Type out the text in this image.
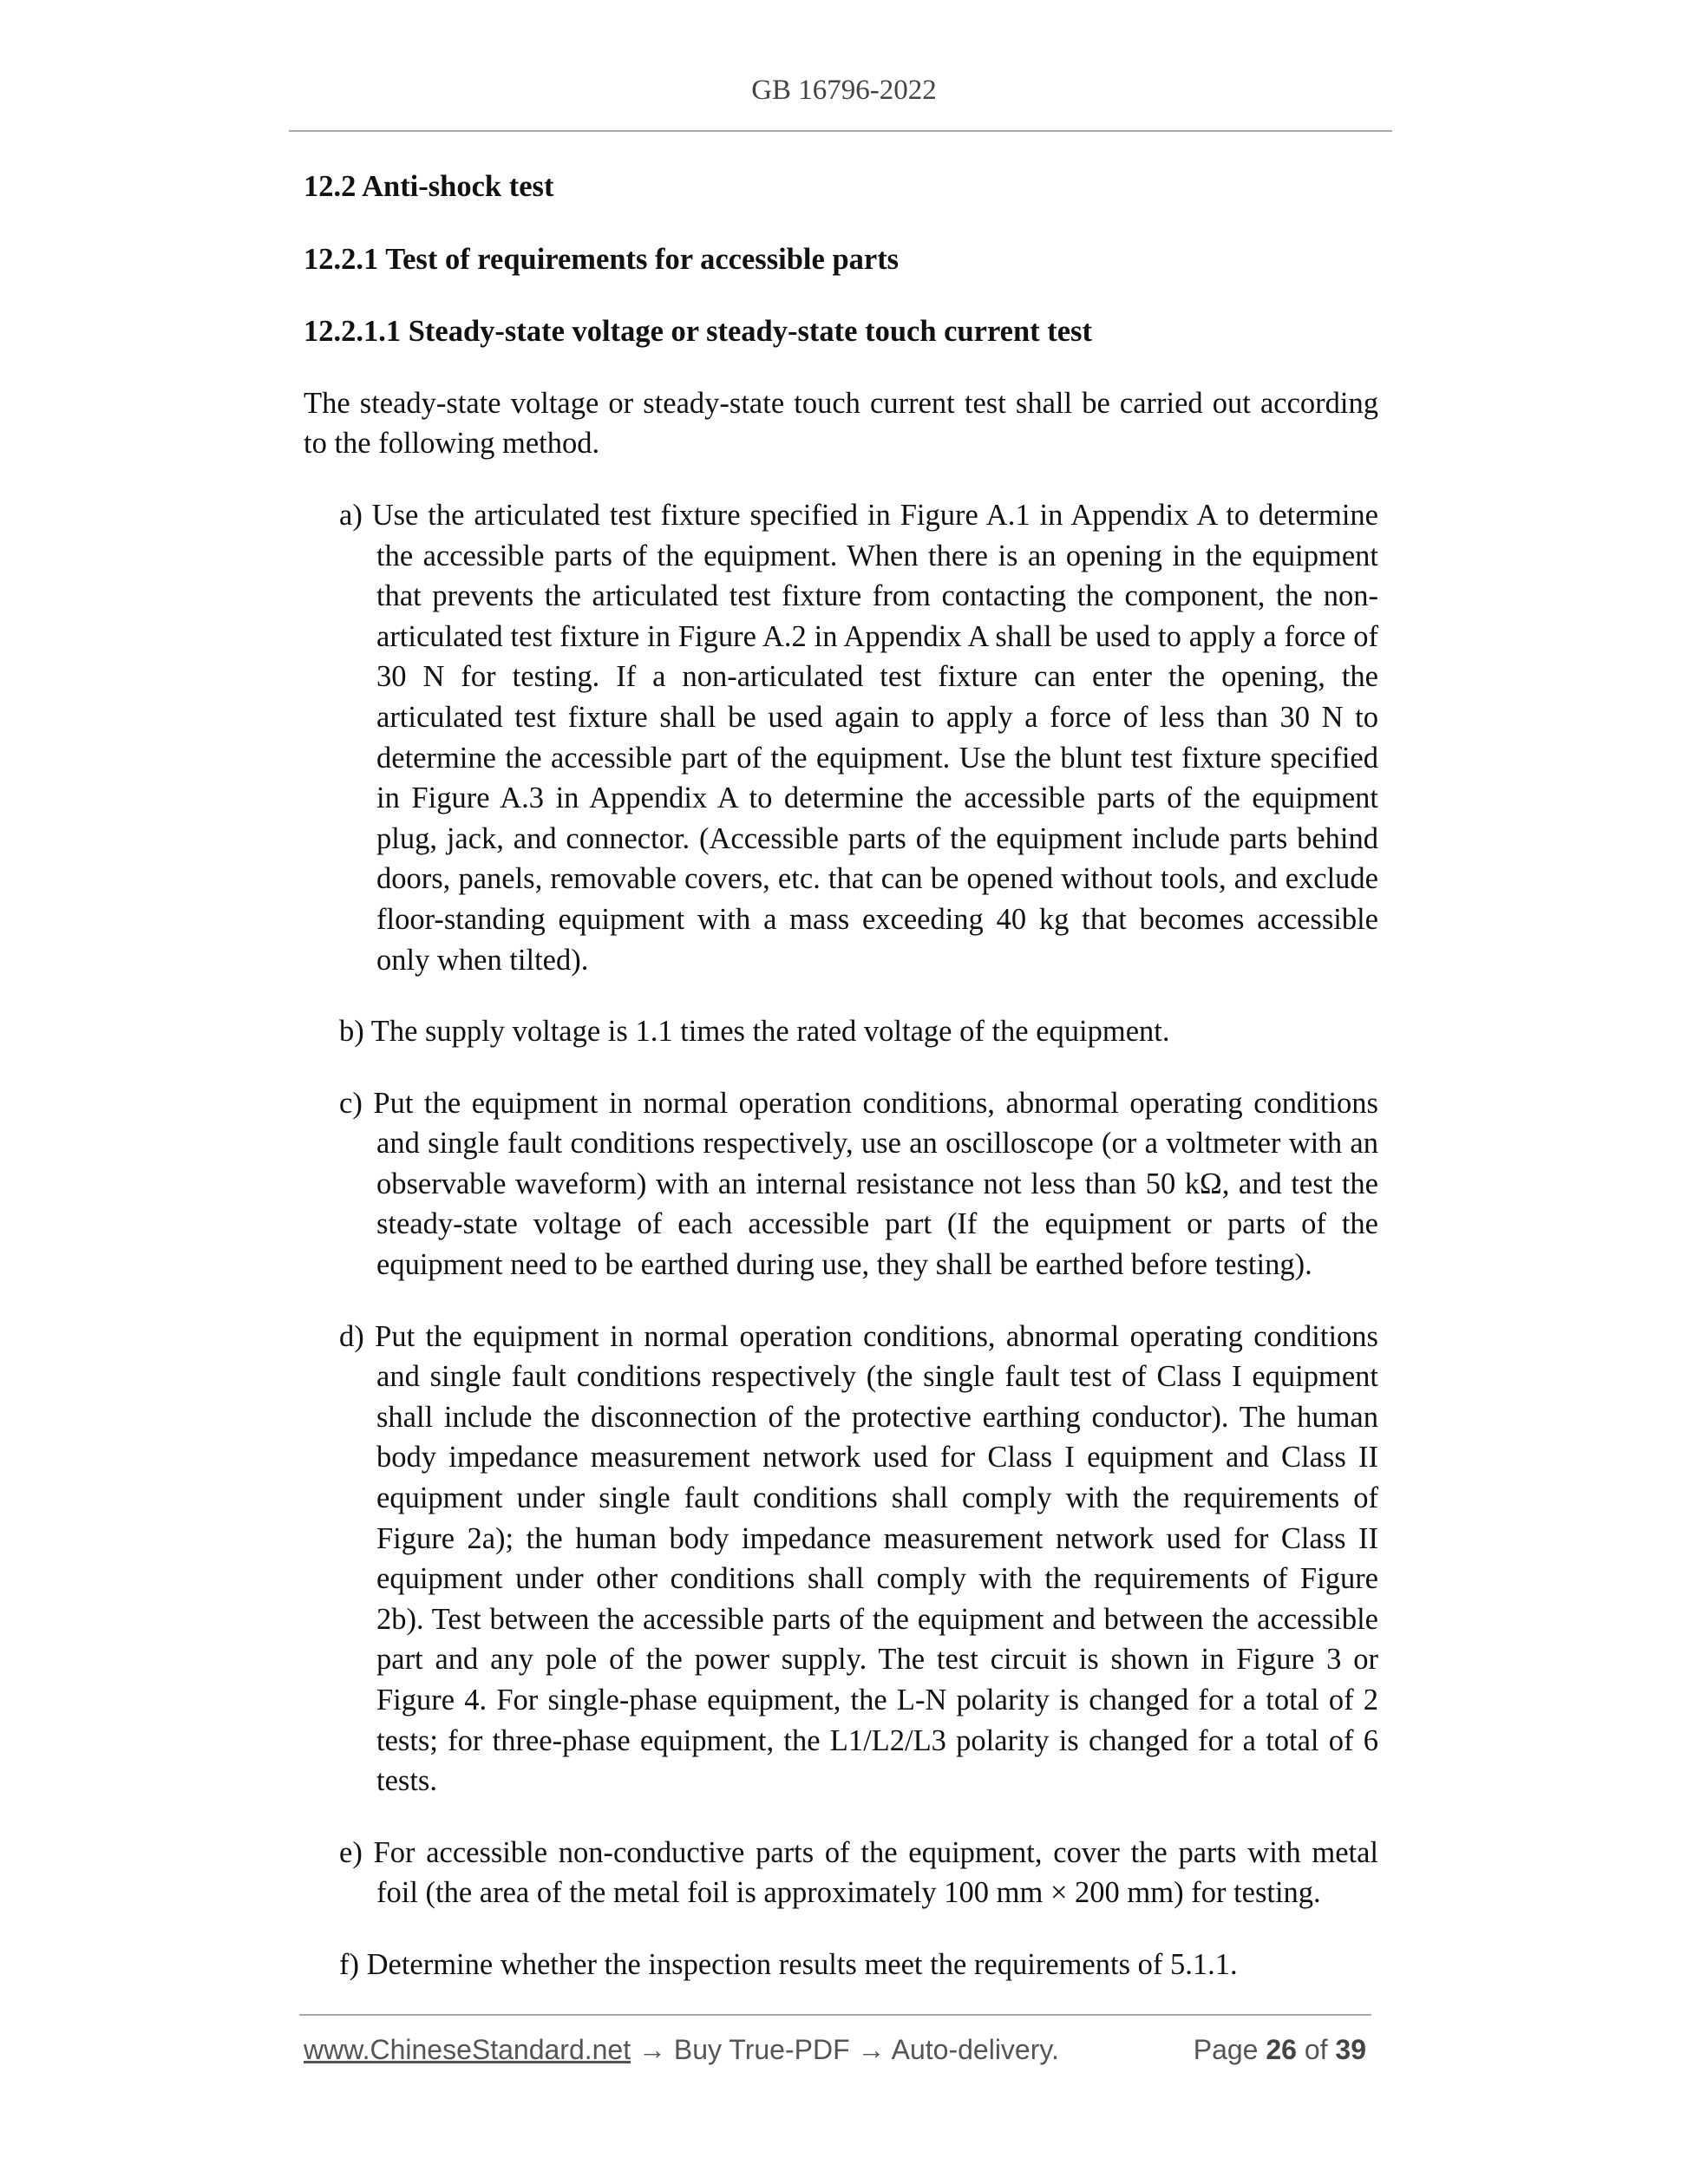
GB 16796-2022

12.2 Anti-shock test

12.2.1 Test of requirements for accessible parts

12.2.1.1 Steady-state voltage or steady-state touch current test

The steady-state voltage or steady-state touch current test shall be carried out according to the following method.

a) Use the articulated test fixture specified in Figure A.1 in Appendix A to determine the accessible parts of the equipment. When there is an opening in the equipment that prevents the articulated test fixture from contacting the component, the non-articulated test fixture in Figure A.2 in Appendix A shall be used to apply a force of 30 N for testing. If a non-articulated test fixture can enter the opening, the articulated test fixture shall be used again to apply a force of less than 30 N to determine the accessible part of the equipment. Use the blunt test fixture specified in Figure A.3 in Appendix A to determine the accessible parts of the equipment plug, jack, and connector. (Accessible parts of the equipment include parts behind doors, panels, removable covers, etc. that can be opened without tools, and exclude floor-standing equipment with a mass exceeding 40 kg that becomes accessible only when tilted).
b) The supply voltage is 1.1 times the rated voltage of the equipment.
c) Put the equipment in normal operation conditions, abnormal operating conditions and single fault conditions respectively, use an oscilloscope (or a voltmeter with an observable waveform) with an internal resistance not less than 50 kΩ, and test the steady-state voltage of each accessible part (If the equipment or parts of the equipment need to be earthed during use, they shall be earthed before testing).
d) Put the equipment in normal operation conditions, abnormal operating conditions and single fault conditions respectively (the single fault test of Class I equipment shall include the disconnection of the protective earthing conductor). The human body impedance measurement network used for Class I equipment and Class II equipment under single fault conditions shall comply with the requirements of Figure 2a); the human body impedance measurement network used for Class II equipment under other conditions shall comply with the requirements of Figure 2b). Test between the accessible parts of the equipment and between the accessible part and any pole of the power supply. The test circuit is shown in Figure 3 or Figure 4. For single-phase equipment, the L-N polarity is changed for a total of 2 tests; for three-phase equipment, the L1/L2/L3 polarity is changed for a total of 6 tests.
e) For accessible non-conductive parts of the equipment, cover the parts with metal foil (the area of the metal foil is approximately 100 mm × 200 mm) for testing.
f) Determine whether the inspection results meet the requirements of 5.1.1.
www.ChineseStandard.net → Buy True-PDF → Auto-delivery.	Page 26 of 39
